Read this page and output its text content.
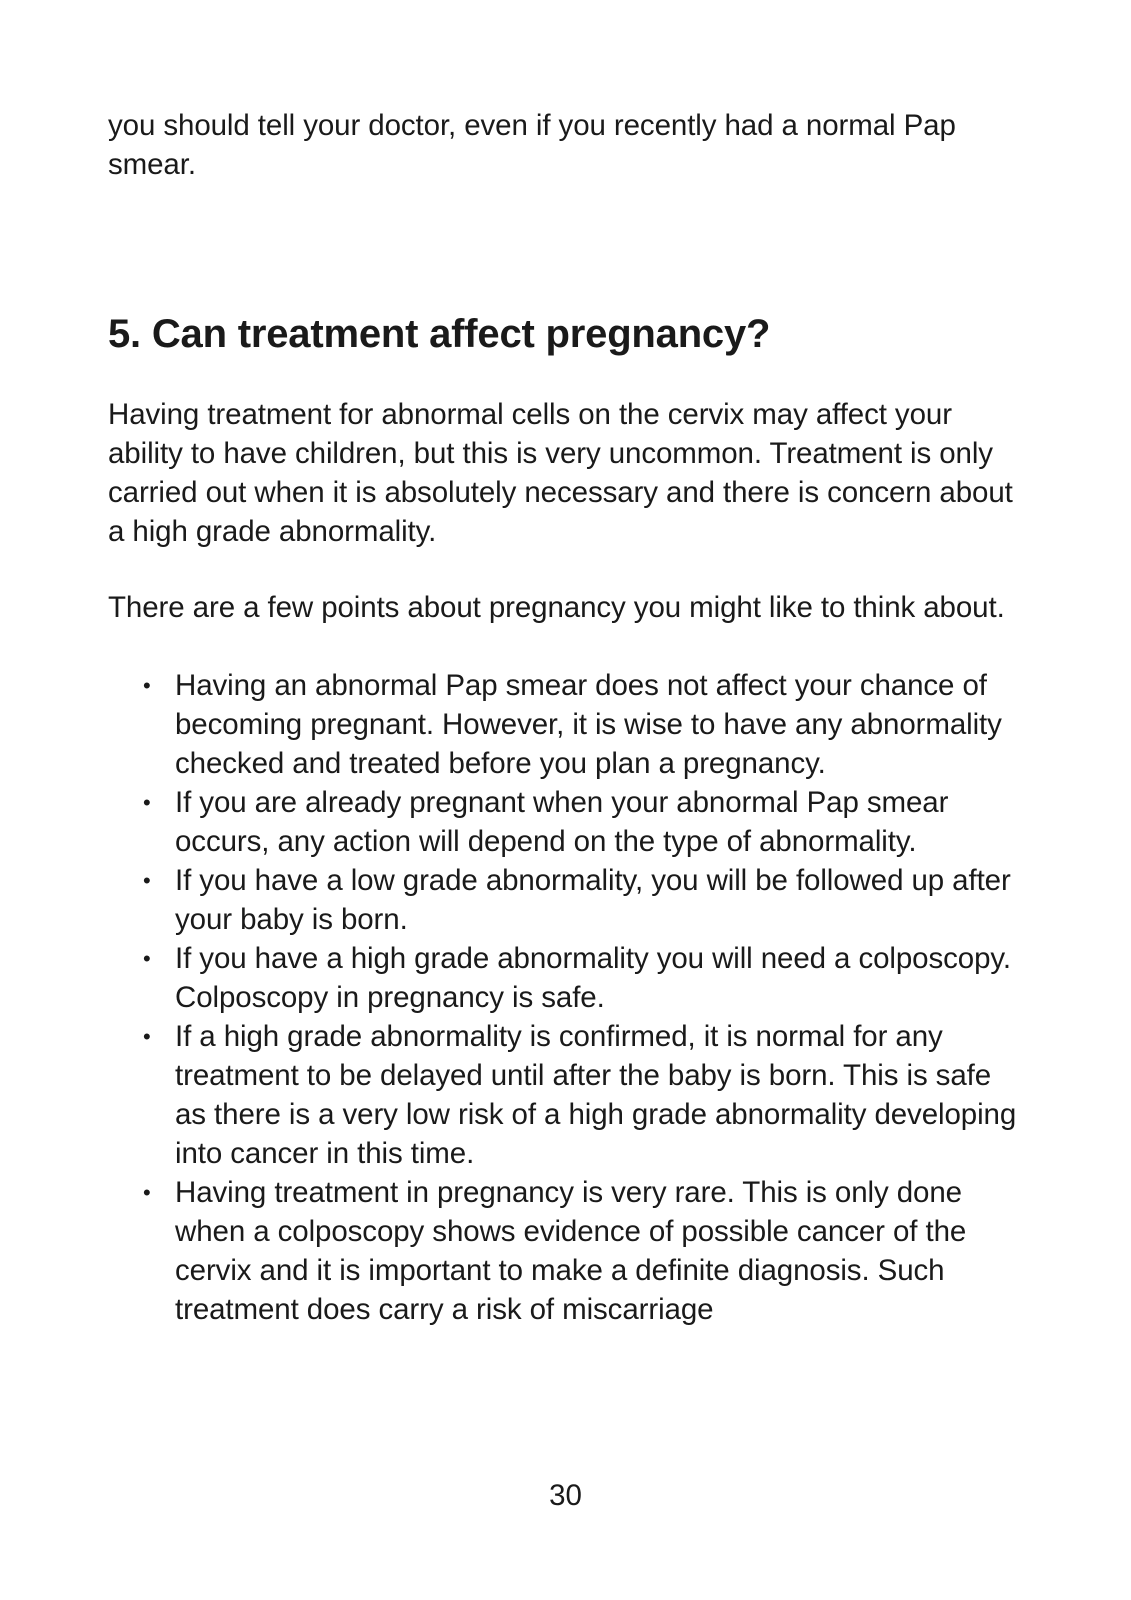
you should tell your doctor, even if you recently had a normal Pap smear.

5. Can treatment affect pregnancy?

Having treatment for abnormal cells on the cervix may affect your ability to have children, but this is very uncommon. Treatment is only carried out when it is absolutely necessary and there is concern about a high grade abnormality.

There are a few points about pregnancy you might like to think about.

• Having an abnormal Pap smear does not affect your chance of becoming pregnant. However, it is wise to have any abnormality checked and treated before you plan a pregnancy.
• If you are already pregnant when your abnormal Pap smear occurs, any action will depend on the type of abnormality.
• If you have a low grade abnormality, you will be followed up after your baby is born.
• If you have a high grade abnormality you will need a colposcopy. Colposcopy in pregnancy is safe.
• If a high grade abnormality is confirmed, it is normal for any treatment to be delayed until after the baby is born. This is safe as there is a very low risk of a high grade abnormality developing into cancer in this time.
• Having treatment in pregnancy is very rare. This is only done when a colposcopy shows evidence of possible cancer of the cervix and it is important to make a definite diagnosis. Such treatment does carry a risk of miscarriage
30
